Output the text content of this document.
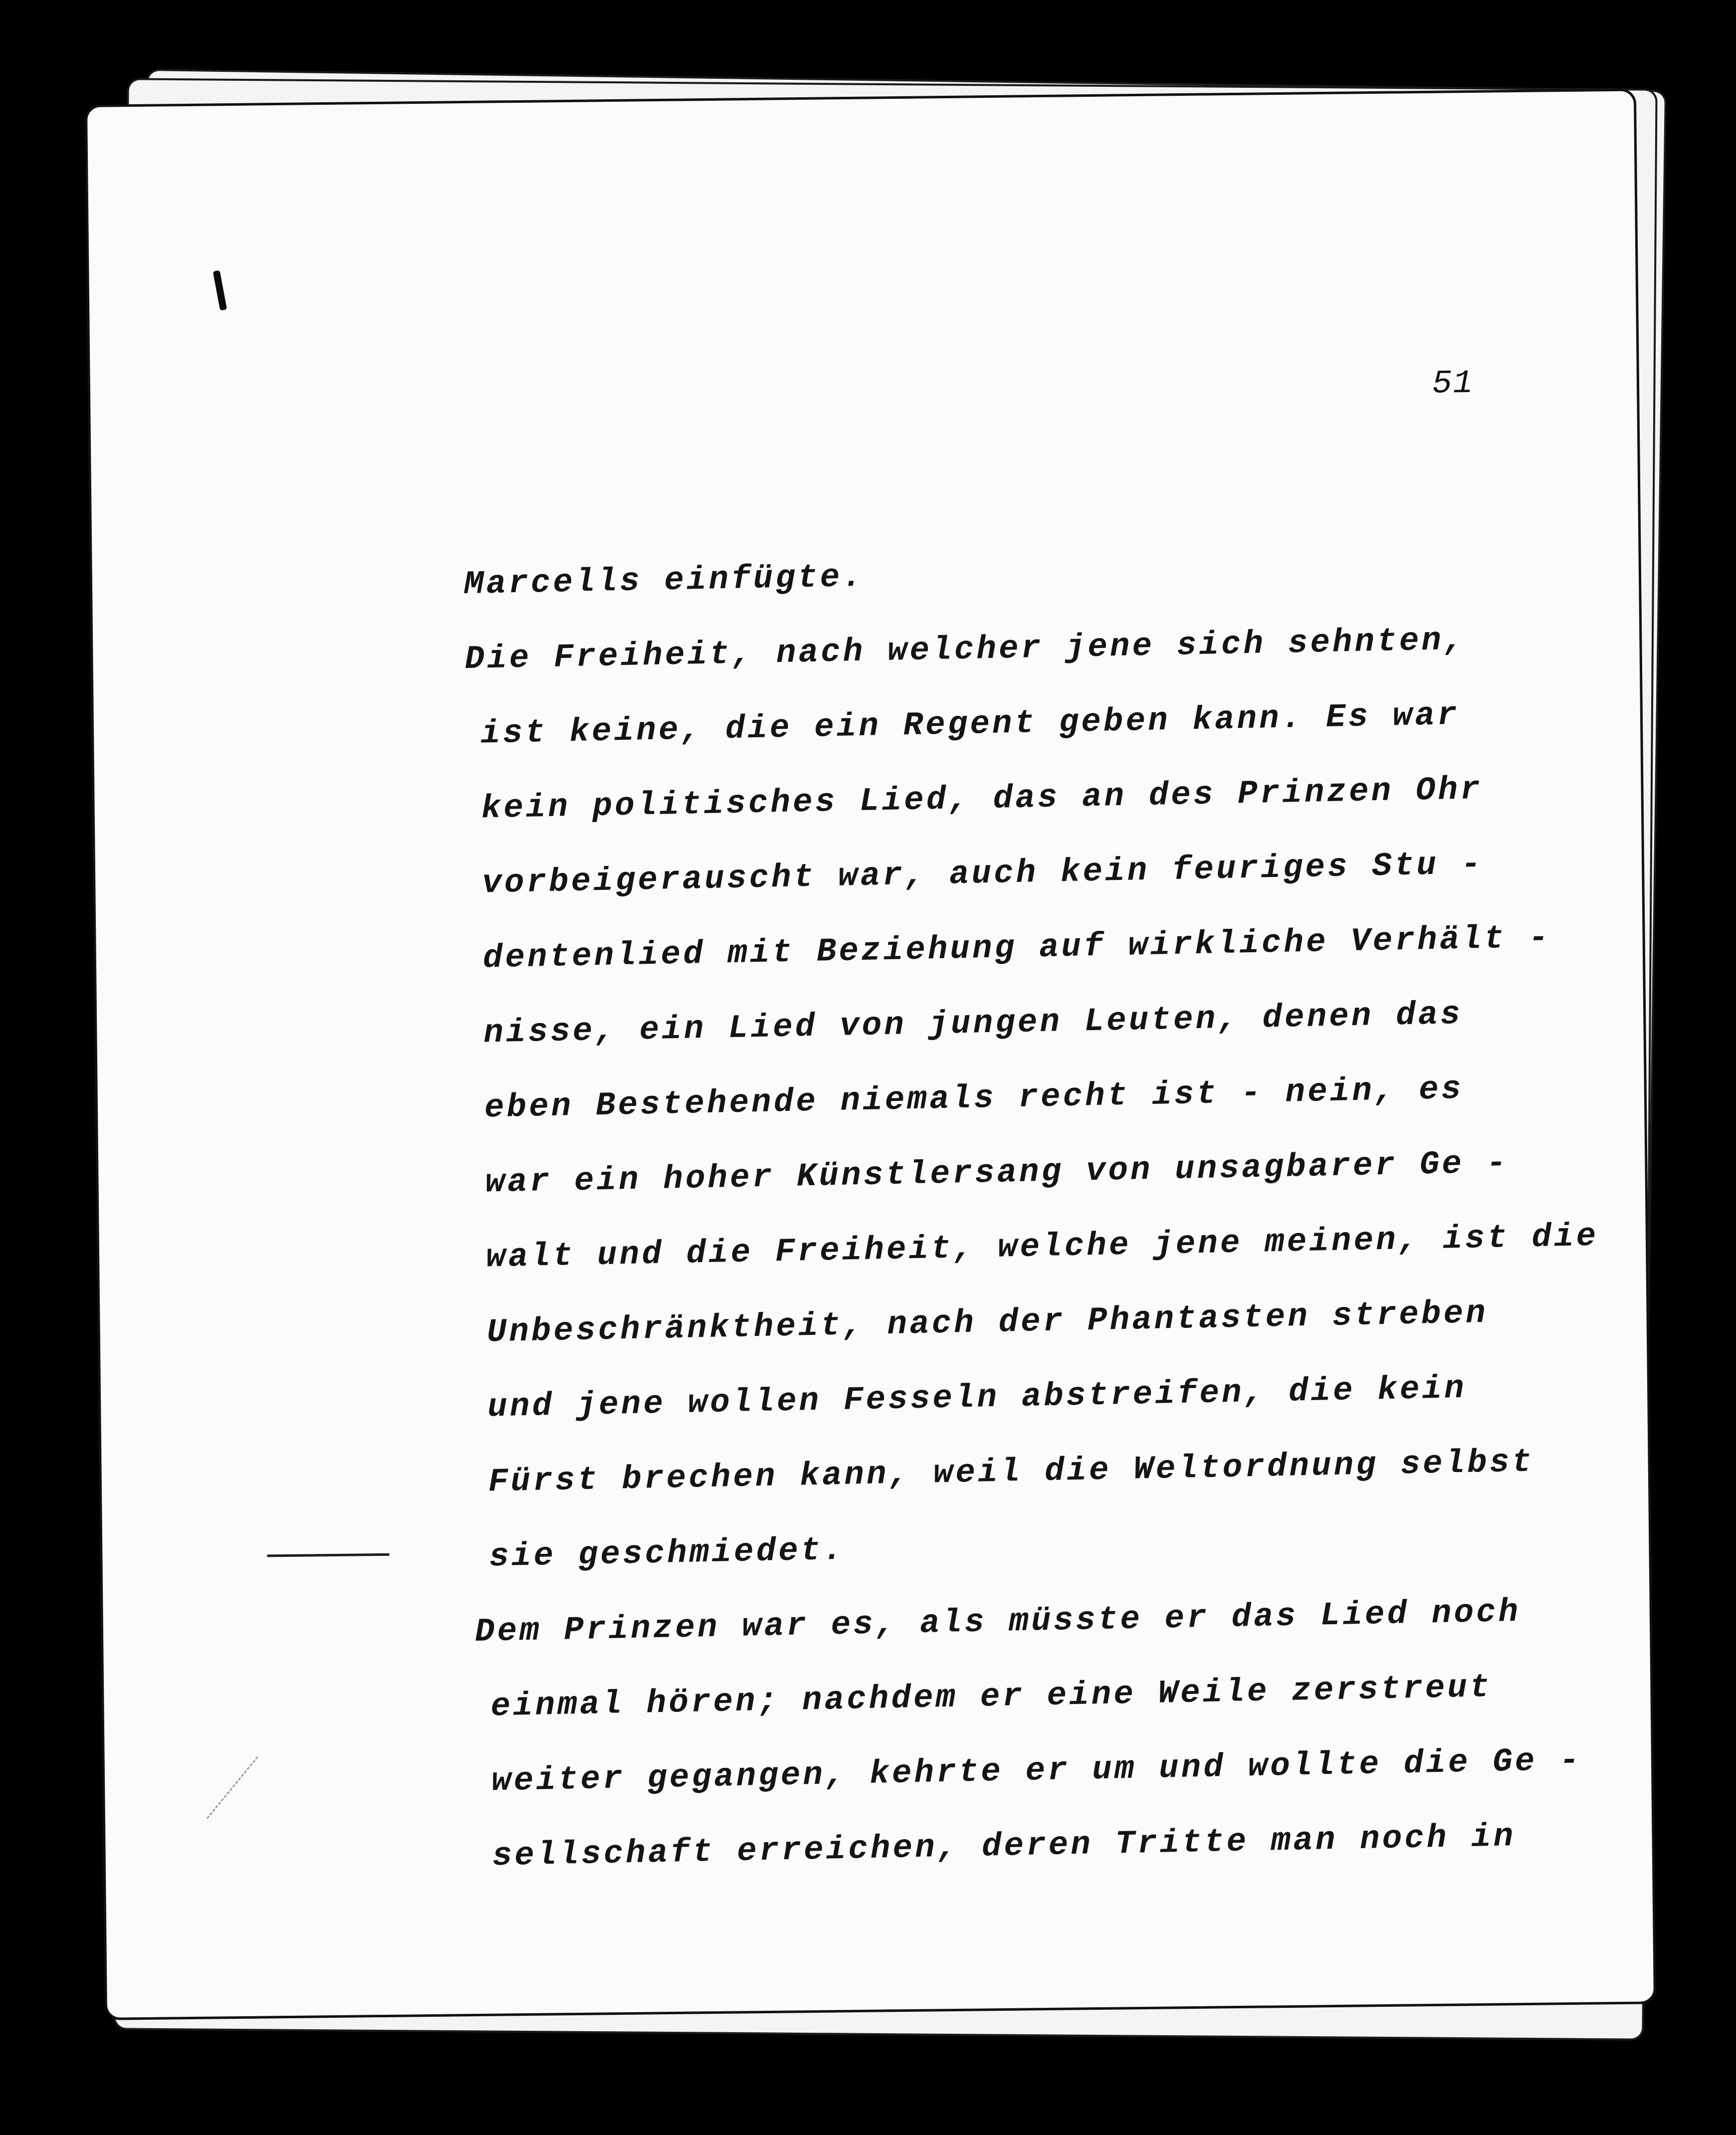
51
Marcells einfügte.
Die Freiheit, nach welcher jene sich sehnten,
ist keine, die ein Regent geben kann. Es war
kein politisches Lied, das an des Prinzen Ohr
vorbeigerauscht war, auch kein feuriges Stu -
dentenlied mit Beziehung auf wirkliche Verhält -
nisse, ein Lied von jungen Leuten, denen das
eben Bestehende niemals recht ist - nein, es
war ein hoher Künstlersang von unsagbarer Ge -
walt und die Freiheit, welche jene meinen, ist die
Unbeschränktheit, nach der Phantasten streben
und jene wollen Fesseln abstreifen, die kein
Fürst brechen kann, weil die Weltordnung selbst
sie geschmiedet.
Dem Prinzen war es, als müsste er das Lied noch
einmal hören; nachdem er eine Weile zerstreut
weiter gegangen, kehrte er um und wollte die Ge -
sellschaft erreichen, deren Tritte man noch in
